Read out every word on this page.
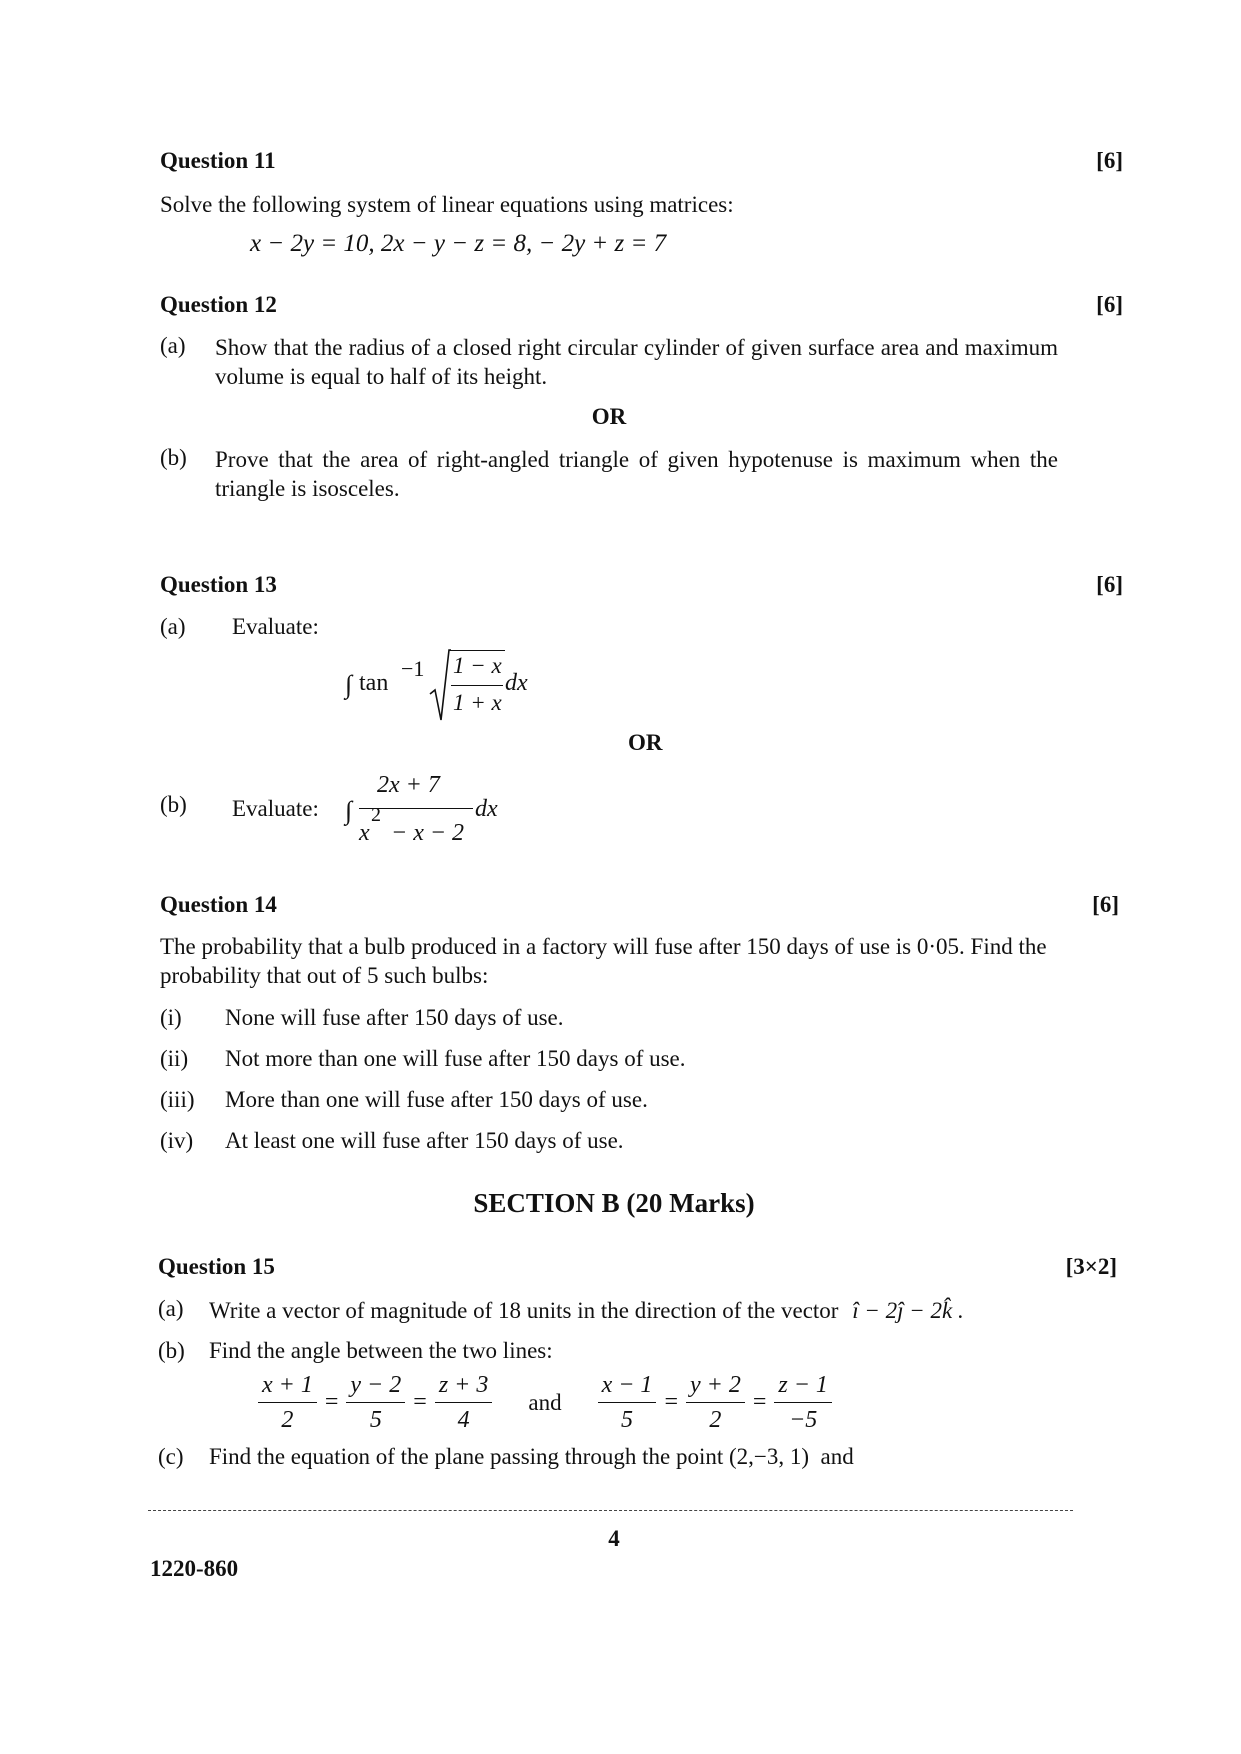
Question 11	[6]
Solve the following system of linear equations using matrices:
x − 2y = 10, 2x − y − z = 8, − 2y + z = 7
Question 12	[6]
(a) Show that the radius of a closed right circular cylinder of given surface area and maximum volume is equal to half of its height.
OR
(b) Prove that the area of right-angled triangle of given hypotenuse is maximum when the triangle is isosceles.
Question 13	[6]
(a) Evaluate:
∫ tan
−1 1 − x
1 + x
dx
OR
(b) Evaluate: ∫
2x + 7
x
2
− x − 2
dx
Question 14	[6]
The probability that a bulb produced in a factory will fuse after 150 days of use is 0·05. Find the probability that out of 5 such bulbs:
(i) None will fuse after 150 days of use.
(ii) Not more than one will fuse after 150 days of use.
(iii) More than one will fuse after 150 days of use.
(iv) At least one will fuse after 150 days of use.
SECTION B (20 Marks)
Question 15	[3×2]
(a) Write a vector of magnitude of 18 units in the direction of the vector î − 2ĵ − 2k̂ .
(b) Find the angle between the two lines:
$\frac{x + 1}{2} = \frac{y - 2}{5} = \frac{z + 3}{4}$	and	$\frac{x - 1}{5} = \frac{y + 2}{2} = \frac{z - 1}{-5}$
(c) Find the equation of the plane passing through the point (2,−3, 1)  and
4
1220-860
